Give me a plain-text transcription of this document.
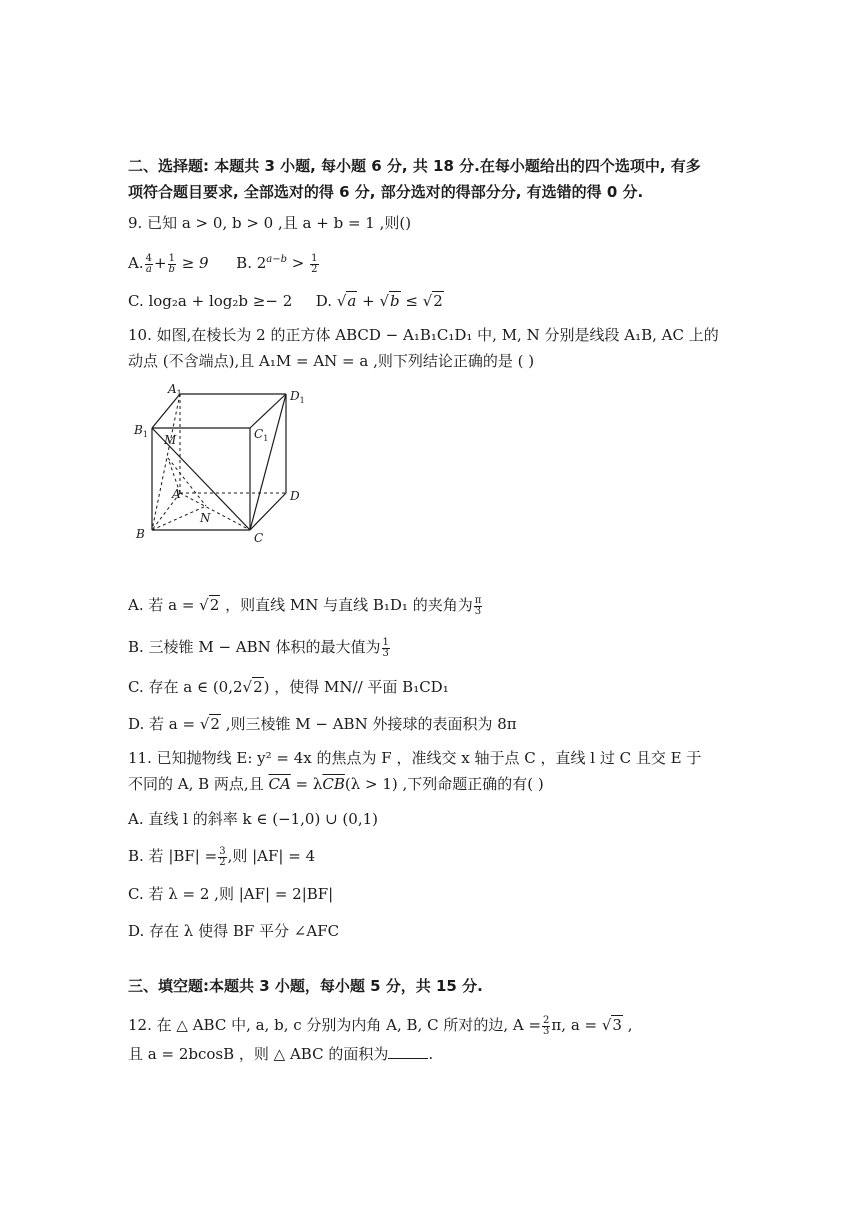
二、选择题: 本题共 3 小题, 每小题 6 分, 共 18 分.在每小题给出的四个选项中, 有多
项符合题目要求, 全部选对的得 6 分, 部分选对的得部分分, 有选错的得 0 分.
9. 已知 a > 0, b > 0 ,且 a + b = 1 ,则()
A. $\frac{4}{a} + \frac{1}{b} \ge 9$ B. $2^{a-b} > \frac{1}{2}$
C. log₂a + log₂b ≥− 2 D. √a + √b ≤ √2
10. 如图,在棱长为 2 的正方体 ABCD − A₁B₁C₁D₁ 中, M, N 分别是线段 A₁B, AC 上的
动点 (不含端点),且 A₁M = AN = a ,则下列结论正确的是 ( )
$A_1$	$D_1$
$B_1$	$C_1$
M
A	D
N
B	C
A. 若 a = √2 ，则直线 MN 与直线 B₁D₁ 的夹角为 $\frac{\pi}{3}$
B. 三棱锥 M − ABN 体积的最大值为 $\frac{1}{3}$
C. 存在 a ∈ (0,2√2) ，使得 MN// 平面 B₁CD₁
D. 若 a = √2 ,则三棱锥 M − ABN 外接球的表面积为 8π
11. 已知抛物线 E: y² = 4x 的焦点为 F ，准线交 x 轴于点 C ，直线 l 过 C 且交 E 于
不同的 A, B 两点,且 $\overline{CA} = \lambda\overline{CB}(\lambda > 1)$ ,下列命题正确的有( )
A. 直线 l 的斜率 k ∈ (−1,0) ∪ (0,1)
B. 若 $|BF| = \frac{3}{2}$ ,则 |AF| = 4
C. 若 λ = 2 ,则 |AF| = 2|BF|
D. 存在 λ 使得 BF 平分 ∠AFC
三、填空题:本题共 3 小题，每小题 5 分，共 15 分.
12. 在 △ ABC 中, a, b, c 分别为内角 A, B, C 所对的边, $A = \frac{2}{3} \pi$, a = √3 ,
且 a = 2bcosB ，则 △ ABC 的面积为	.
